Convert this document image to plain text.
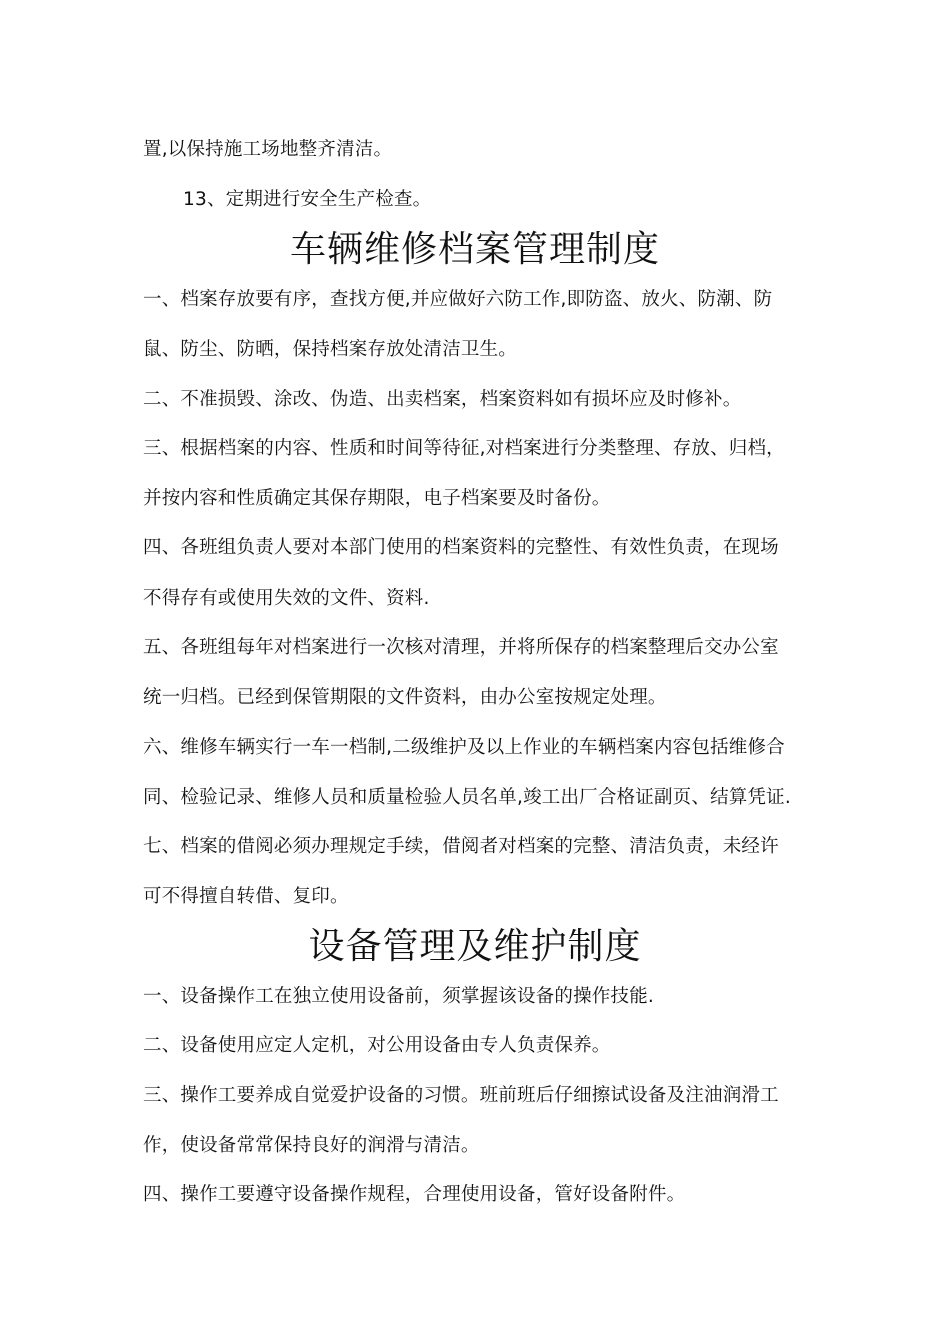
置,以保持施工场地整齐清洁。
13、定期进行安全生产检查。
车辆维修档案管理制度
一、档案存放要有序，查找方便,并应做好六防工作,即防盗、放火、防潮、防
鼠、防尘、防晒，保持档案存放处清洁卫生。
二、不准损毁、涂改、伪造、出卖档案，档案资料如有损坏应及时修补。
三、根据档案的内容、性质和时间等待征,对档案进行分类整理、存放、归档，
并按内容和性质确定其保存期限，电子档案要及时备份。
四、各班组负责人要对本部门使用的档案资料的完整性、有效性负责，在现场
不得存有或使用失效的文件、资料.
五、各班组每年对档案进行一次核对清理，并将所保存的档案整理后交办公室
统一归档。已经到保管期限的文件资料，由办公室按规定处理。
六、维修车辆实行一车一档制,二级维护及以上作业的车辆档案内容包括维修合
同、检验记录、维修人员和质量检验人员名单,竣工出厂合格证副页、结算凭证.
七、档案的借阅必须办理规定手续，借阅者对档案的完整、清洁负责，未经许
可不得擅自转借、复印。
设备管理及维护制度
一、设备操作工在独立使用设备前，须掌握该设备的操作技能.
二、设备使用应定人定机，对公用设备由专人负责保养。
三、操作工要养成自觉爱护设备的习惯。班前班后仔细擦试设备及注油润滑工
作，使设备常常保持良好的润滑与清洁。
四、操作工要遵守设备操作规程，合理使用设备，管好设备附件。
